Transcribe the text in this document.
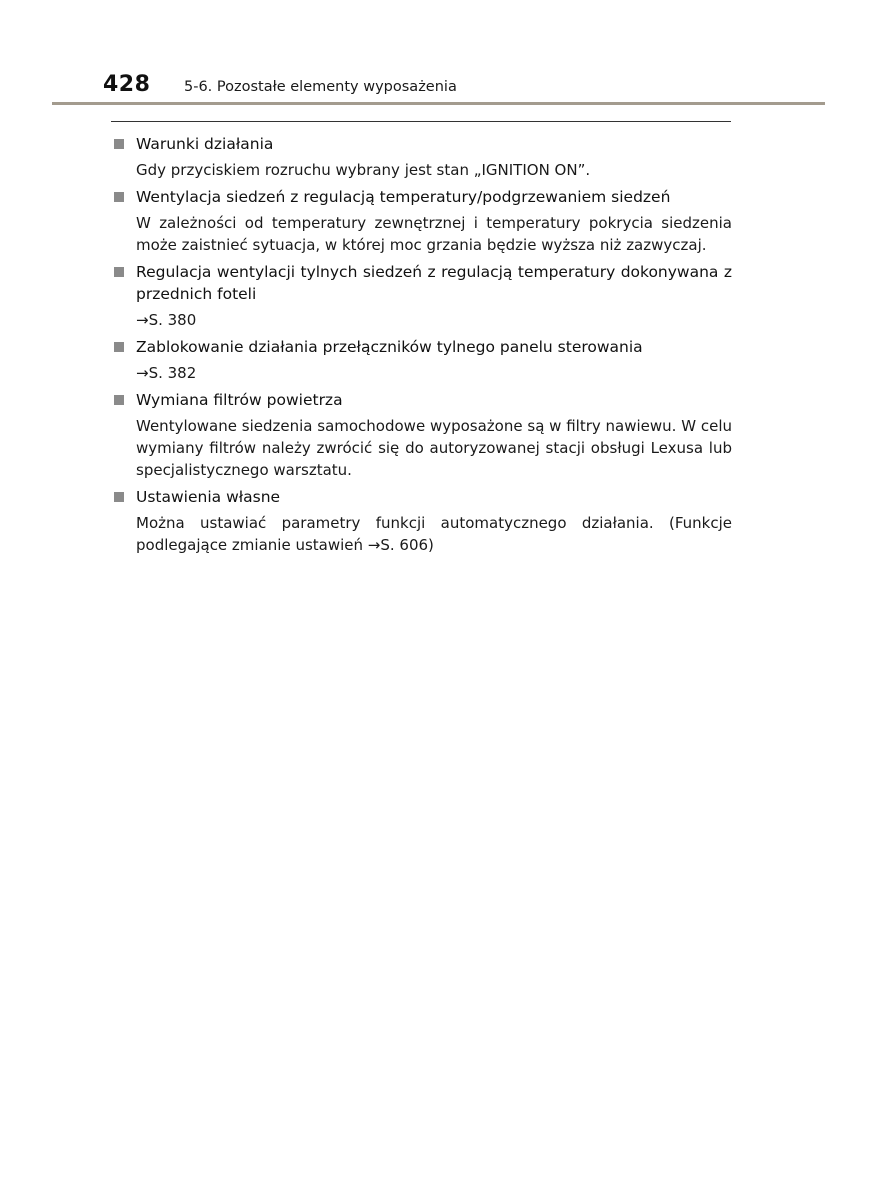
428 5-6. Pozostałe elementy wyposażenia
Warunki działania
Gdy przyciskiem rozruchu wybrany jest stan „IGNITION ON”.
Wentylacja siedzeń z regulacją temperatury/podgrzewaniem siedzeń
W zależności od temperatury zewnętrznej i temperatury pokrycia siedzenia może zaistnieć sytuacja, w której moc grzania będzie wyższa niż zazwyczaj.
Regulacja wentylacji tylnych siedzeń z regulacją temperatury dokonywana z przednich foteli
→S. 380
Zablokowanie działania przełączników tylnego panelu sterowania
→S. 382
Wymiana filtrów powietrza
Wentylowane siedzenia samochodowe wyposażone są w filtry nawiewu. W celu wymiany filtrów należy zwrócić się do autoryzowanej stacji obsługi Lexusa lub specjalistycznego warsztatu.
Ustawienia własne
Można ustawiać parametry funkcji automatycznego działania. (Funkcje podlegające zmianie ustawień →S. 606)
